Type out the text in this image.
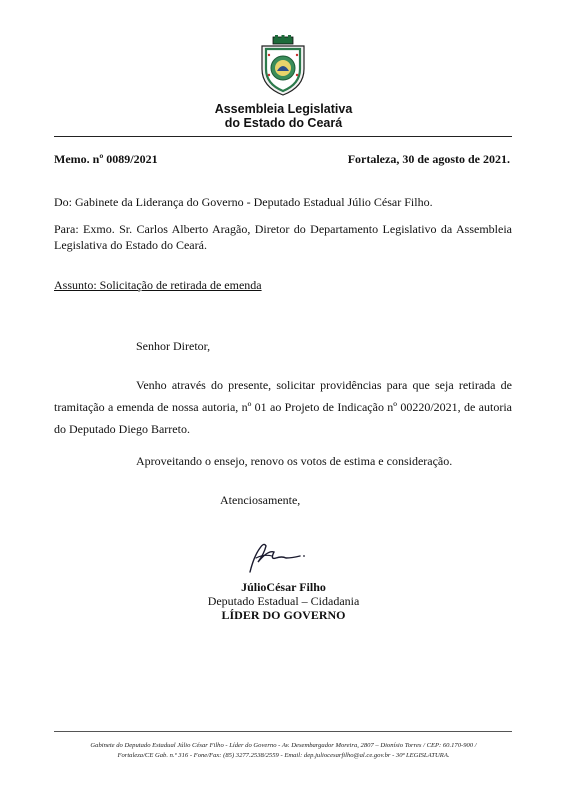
Assembleia Legislativa
do Estado do Ceará
Memo. nº 0089/2021	Fortaleza, 30 de agosto de 2021.
Do: Gabinete da Liderança do Governo - Deputado Estadual Júlio César Filho.
Para: Exmo. Sr. Carlos Alberto Aragão, Diretor do Departamento Legislativo da Assembleia Legislativa do Estado do Ceará.
Assunto: Solicitação de retirada de emenda
Senhor Diretor,
Venho através do presente, solicitar providências para que seja retirada de tramitação a emenda de nossa autoria, nº 01 ao Projeto de Indicação nº 00220/2021, de autoria do Deputado Diego Barreto.
Aproveitando o ensejo, renovo os votos de estima e consideração.
Atenciosamente,
JúlioCésar Filho
Deputado Estadual – Cidadania
LÍDER DO GOVERNO
Gabinete do Deputado Estadual Júlio César Filho - Líder do Governo - Av. Desembargador Moreira, 2807 – Dionísio Torres / CEP: 60.170-900 /
Fortaleza/CE Gab. n.º 316 - Fone/Fax: (85) 3277.2538/2559 - Email: dep.juliocesarfilho@al.ce.gov.br - 30ª LEGISLATURA.
